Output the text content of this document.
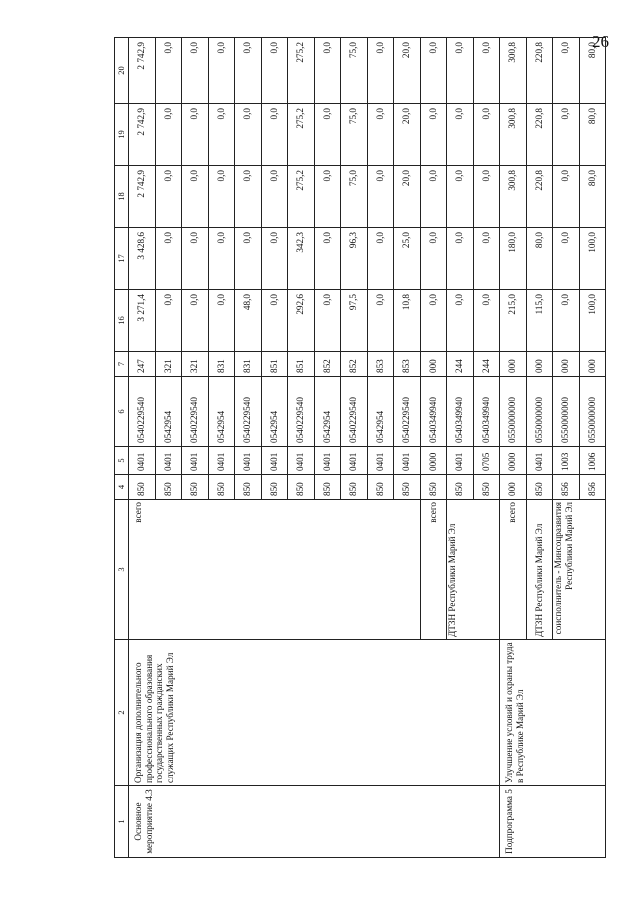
26
1	2	3	4	5	6	7	16	17	18	19	20
Основное мероприятие 4.3	Организация дополнительного профессионального образования государственных гражданских служащих Республики Марий Эл	всего	850	0401	0540229540	247	3 271,4	3 428,6	2 742,9	2 742,9	2 742,9
			850	0401	0542954	321	0,0	0,0	0,0	0,0	0,0
			850	0401	0540229540	321	0,0	0,0	0,0	0,0	0,0
			850	0401	0542954	831	0,0	0,0	0,0	0,0	0,0
			850	0401	0540229540	831	48,0	0,0	0,0	0,0	0,0
			850	0401	0542954	851	0,0	0,0	0,0	0,0	0,0
			850	0401	0540229540	851	292,6	342,3	275,2	275,2	275,2
			850	0401	0542954	852	0,0	0,0	0,0	0,0	0,0
			850	0401	0540229540	852	97,5	96,3	75,0	75,0	75,0
			850	0401	0542954	853	0,0	0,0	0,0	0,0	0,0
			850	0401	0540229540	853	10,8	25,0	20,0	20,0	20,0
		всего	850	0000	0540349940	000	0,0	0,0	0,0	0,0	0,0
		ДТЗН Республики Марий Эл	850	0401	0540349940	244	0,0	0,0	0,0	0,0	0,0
			850	0705	0540349940	244	0,0	0,0	0,0	0,0	0,0
Подпрограмма 5	Улучшение условий и охраны труда в Республике Марий Эл	всего	000	0000	0550000000	000	215,0	180,0	300,8	300,8	300,8
		ДТЗН Республики Марий Эл	850	0401	0550000000	000	115,0	80,0	220,8	220,8	220,8
		соисполнитель - Минсоцразвития Республики Марий Эл	856	1003	0550000000	000	0,0	0,0	0,0	0,0	0,0
			856	1006	0550000000	000	100,0	100,0	80,0	80,0	80,0
